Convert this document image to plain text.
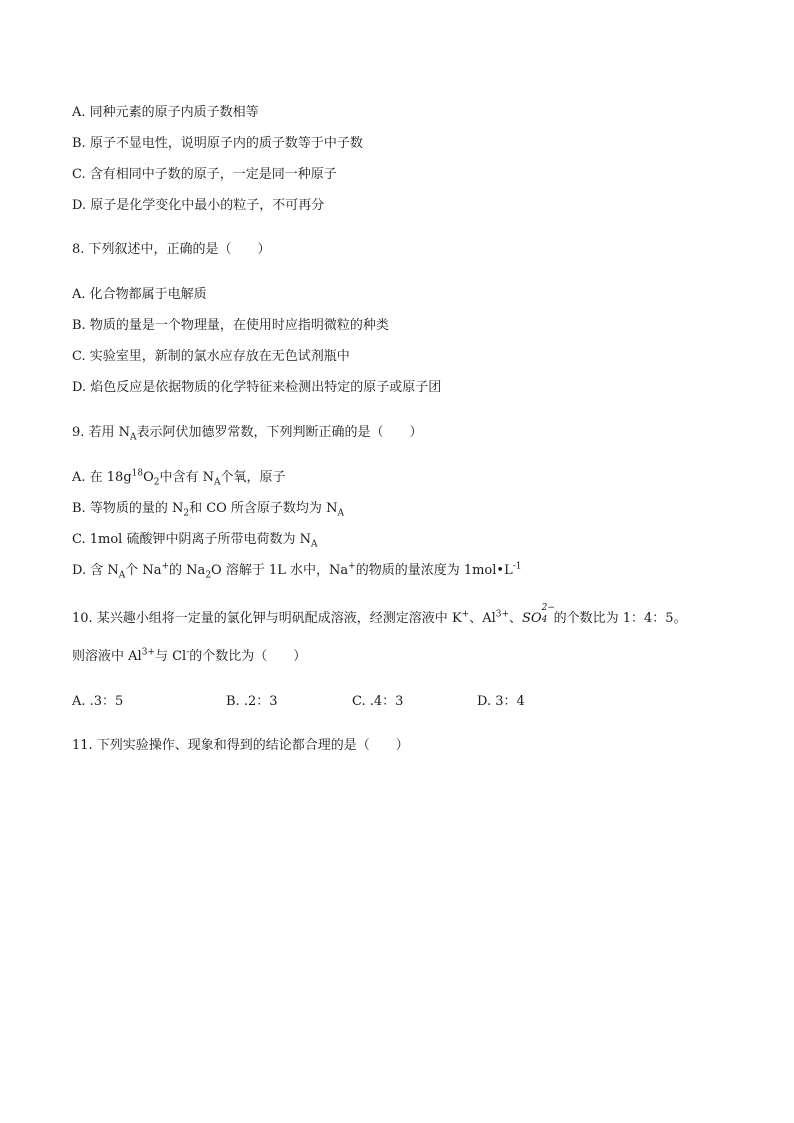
A. 同种元素的原子内质子数相等
B. 原子不显电性，说明原子内的质子数等于中子数
C. 含有相同中子数的原子，一定是同一种原子
D. 原子是化学变化中最小的粒子，不可再分
8. 下列叙述中，正确的是（　　）
A. 化合物都属于电解质
B. 物质的量是一个物理量，在使用时应指明微粒的种类
C. 实验室里，新制的氯水应存放在无色试剂瓶中
D. 焰色反应是依据物质的化学特征来检测出特定的原子或原子团
9. 若用 $N_A$表示阿伏加德罗常数，下列判断正确的是（　　）
A. 在 $18g^{18}O_2$中含有 $N_A$个氧，原子
B. 等物质的量的 $N_2$和 CO 所含原子数均为 $N_A$
C. 1mol 硫酸钾中阴离子所带电荷数为 $N_A$
D. 含 $N_A$个 Na+的 $Na_2O$ 溶解于 1L 水中，Na+的物质的量浓度为 $1mol•L^{-1}$
10. 某兴趣小组将一定量的氯化钾与明矾配成溶液，经测定溶液中 K+、$Al^{3+}$、SO
2−
4 的个数比为 1：4：5。
则溶液中 $Al^{3+}$与 Cl-的个数比为（　　）
A. .3：5	B. .2：3	C. .4：3	D. 3：4
11. 下列实验操作、现象和得到的结论都合理的是（　　）
